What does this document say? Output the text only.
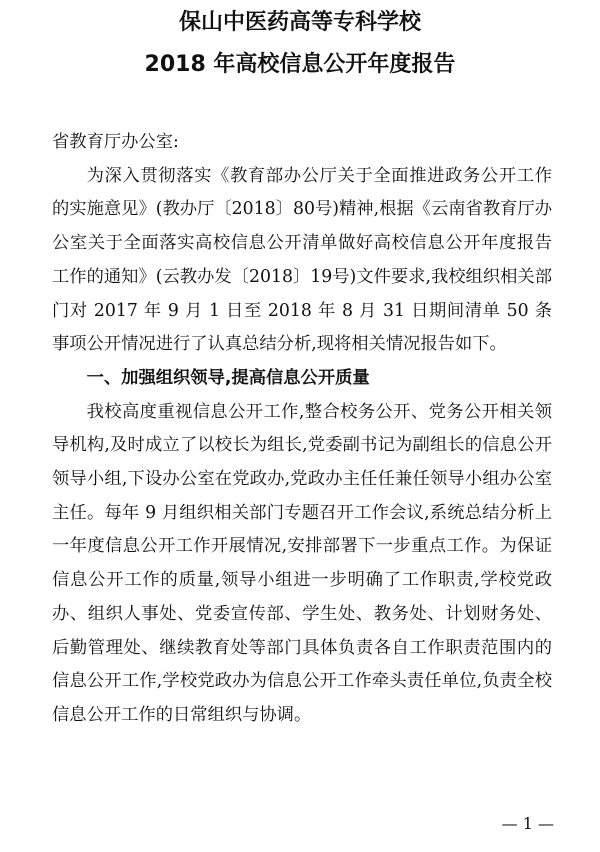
保山中医药高等专科学校
2018 年高校信息公开年度报告

省教育厅办公室:

为深入贯彻落实《教育部办公厅关于全面推进政务公开工作的实施意见》(教办厅〔2018〕80号)精神,根据《云南省教育厅办公室关于全面落实高校信息公开清单做好高校信息公开年度报告工作的通知》(云教办发〔2018〕19号)文件要求,我校组织相关部门对 2017 年 9 月 1 日至 2018 年 8 月 31 日期间清单 50 条事项公开情况进行了认真总结分析,现将相关情况报告如下。

一、加强组织领导,提高信息公开质量

我校高度重视信息公开工作,整合校务公开、党务公开相关领导机构,及时成立了以校长为组长,党委副书记为副组长的信息公开领导小组,下设办公室在党政办,党政办主任任兼任领导小组办公室主任。每年 9 月组织相关部门专题召开工作会议,系统总结分析上一年度信息公开工作开展情况,安排部署下一步重点工作。为保证信息公开工作的质量,领导小组进一步明确了工作职责,学校党政办、组织人事处、党委宣传部、学生处、教务处、计划财务处、后勤管理处、继续教育处等部门具体负责各自工作职责范围内的信息公开工作,学校党政办为信息公开工作牵头责任单位,负责全校信息公开工作的日常组织与协调。

— 1 —
